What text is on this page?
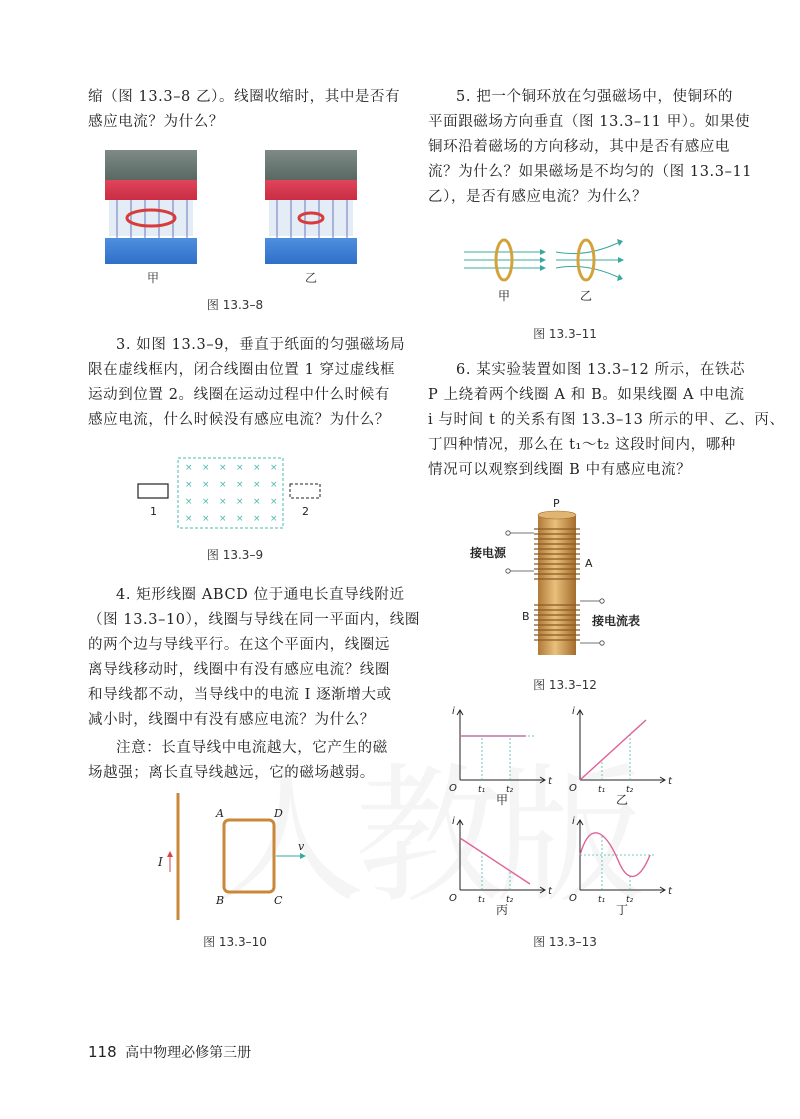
缩（图 13.3–8 乙）。线圈收缩时，其中是否有
感应电流？为什么？
甲	乙
图 13.3–8
3. 如图 13.3–9，垂直于纸面的匀强磁场局
限在虚线框内，闭合线圈由位置 1 穿过虚线框
运动到位置 2。线圈在运动过程中什么时候有
感应电流，什么时候没有感应电流？为什么？
× × × × × ×
× × × × × ×
× × × × × ×
× × × × × ×
1	2
图 13.3–9
4. 矩形线圈 ABCD 位于通电长直导线附近
（图 13.3–10），线圈与导线在同一平面内，线圈
的两个边与导线平行。在这个平面内，线圈远
离导线移动时，线圈中有没有感应电流？线圈
和导线都不动，当导线中的电流 I 逐渐增大或
减小时，线圈中有没有感应电流？为什么？
注意：长直导线中电流越大，它产生的磁
场越强；离长直导线越远，它的磁场越弱。
I
A	D
B	C
v
图 13.3–10
5. 把一个铜环放在匀强磁场中，使铜环的
平面跟磁场方向垂直（图 13.3–11 甲）。如果使
铜环沿着磁场的方向移动，其中是否有感应电
流？为什么？如果磁场是不均匀的（图 13.3–11
乙），是否有感应电流？为什么？
甲	乙
图 13.3–11
6. 某实验装置如图 13.3–12 所示，在铁芯
P 上绕着两个线圈 A 和 B。如果线圈 A 中电流
i 与时间 t 的关系有图 13.3–13 所示的甲、乙、丙、
丁四种情况，那么在 t₁～t₂ 这段时间内，哪种
情况可以观察到线圈 B 中有感应电流？
P
接电源
A
B	接电流表
图 13.3–12
i
t
O t₁ t₂
甲
i
t
O t₁ t₂
乙
i
t
O t₁ t₂
丙
i
t
O t₁ t₂
丁
图 13.3–13
118 高中物理必修第三册
